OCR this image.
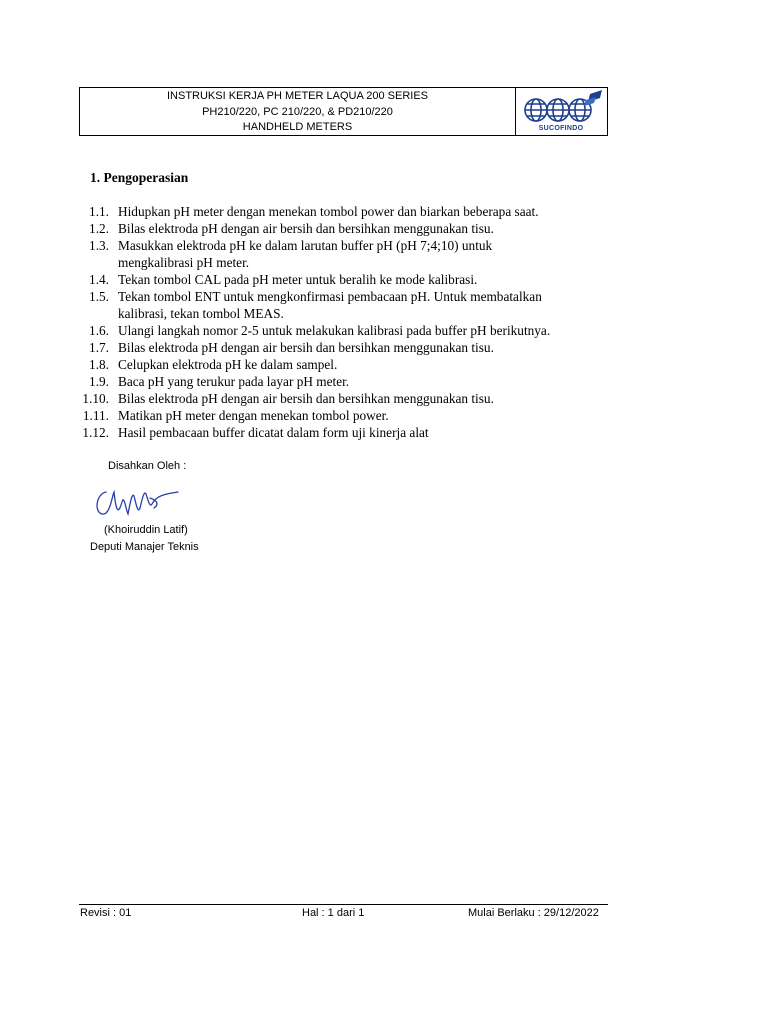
INSTRUKSI KERJA PH METER LAQUA 200 SERIES
PH210/220, PC 210/220, & PD210/220
HANDHELD METERS	SUCOFINDO
1. Pengoperasian
1.1. Hidupkan pH meter dengan menekan tombol power dan biarkan beberapa saat.
1.2. Bilas elektroda pH dengan air bersih dan bersihkan menggunakan tisu.
1.3. Masukkan elektroda pH ke dalam larutan buffer pH (pH 7;4;10) untuk
mengkalibrasi pH meter.
1.4. Tekan tombol CAL pada pH meter untuk beralih ke mode kalibrasi.
1.5. Tekan tombol ENT untuk mengkonfirmasi pembacaan pH. Untuk membatalkan
kalibrasi, tekan tombol MEAS.
1.6. Ulangi langkah nomor 2-5 untuk melakukan kalibrasi pada buffer pH berikutnya.
1.7. Bilas elektroda pH dengan air bersih dan bersihkan menggunakan tisu.
1.8. Celupkan elektroda pH ke dalam sampel.
1.9. Baca pH yang terukur pada layar pH meter.
1.10. Bilas elektroda pH dengan air bersih dan bersihkan menggunakan tisu.
1.11. Matikan pH meter dengan menekan tombol power.
1.12. Hasil pembacaan buffer dicatat dalam form uji kinerja alat
Disahkan Oleh :
(Khoiruddin Latif)
Deputi Manajer Teknis
Revisi : 01	Hal : 1 dari 1	Mulai Berlaku : 29/12/2022
